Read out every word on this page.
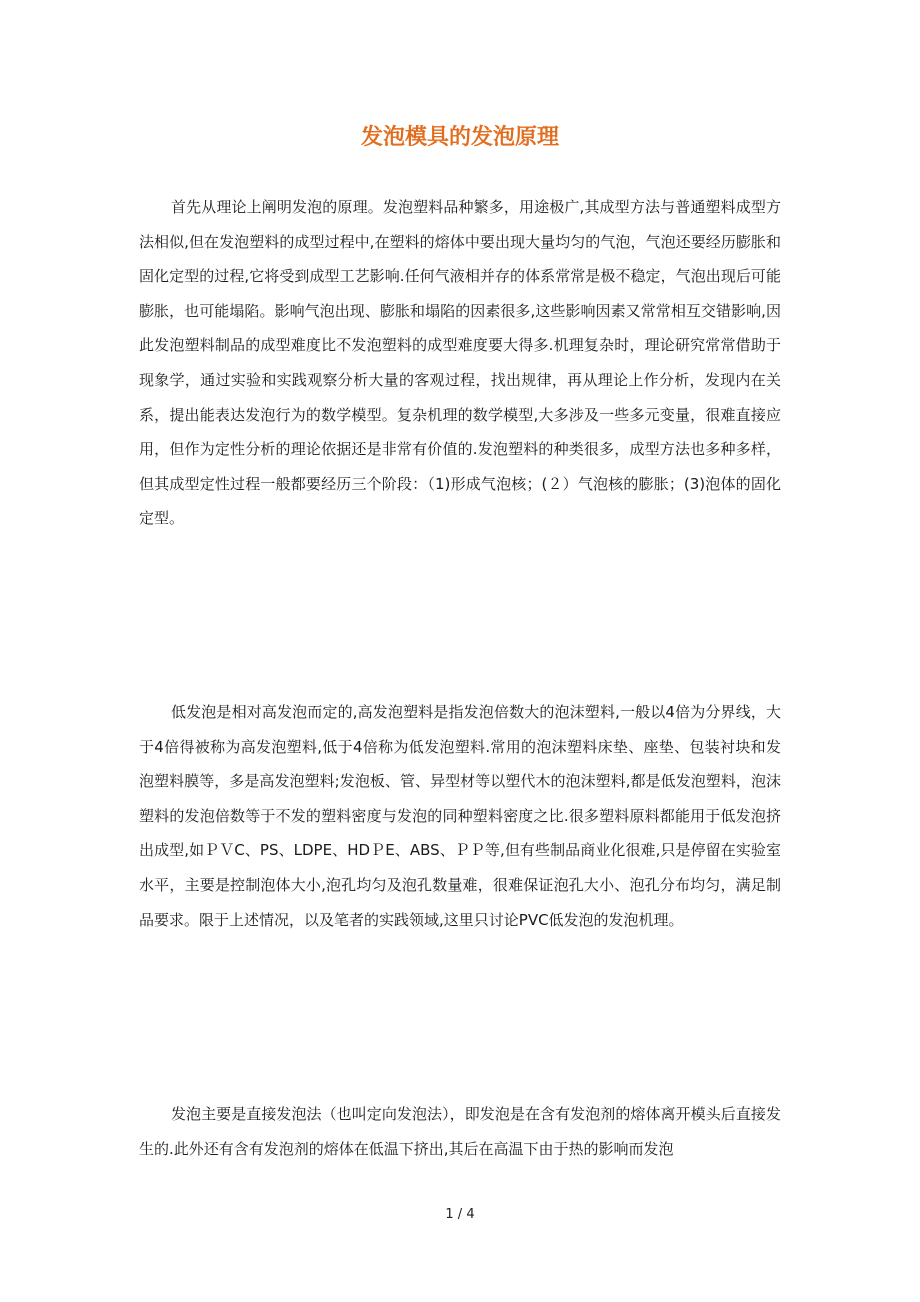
发泡模具的发泡原理

首先从理论上阐明发泡的原理。发泡塑料品种繁多，用途极广,其成型方法与普通塑料成型方法相似,但在发泡塑料的成型过程中,在塑料的熔体中要出现大量均匀的气泡，气泡还要经历膨胀和固化定型的过程,它将受到成型工艺影响.任何气液相并存的体系常常是极不稳定，气泡出现后可能膨胀，也可能塌陷。影响气泡出现、膨胀和塌陷的因素很多,这些影响因素又常常相互交错影响,因此发泡塑料制品的成型难度比不发泡塑料的成型难度要大得多.机理复杂时，理论研究常常借助于现象学，通过实验和实践观察分析大量的客观过程，找出规律，再从理论上作分析，发现内在关系，提出能表达发泡行为的数学模型。复杂机理的数学模型,大多涉及一些多元变量，很难直接应用，但作为定性分析的理论依据还是非常有价值的.发泡塑料的种类很多，成型方法也多种多样，但其成型定性过程一般都要经历三个阶段：（1)形成气泡核；(２）气泡核的膨胀；(3)泡体的固化定型。

低发泡是相对高发泡而定的,高发泡塑料是指发泡倍数大的泡沫塑料,一般以4倍为分界线，大于4倍得被称为高发泡塑料,低于4倍称为低发泡塑料.常用的泡沫塑料床垫、座垫、包装衬块和发泡塑料膜等，多是高发泡塑料;发泡板、管、异型材等以塑代木的泡沫塑料,都是低发泡塑料，泡沫塑料的发泡倍数等于不发的塑料密度与发泡的同种塑料密度之比.很多塑料原料都能用于低发泡挤出成型,如ＰＶC、PS、LDPE、HDＰE、ABS、ＰＰ等,但有些制品商业化很难,只是停留在实验室水平，主要是控制泡体大小,泡孔均匀及泡孔数量难，很难保证泡孔大小、泡孔分布均匀，满足制品要求。限于上述情况，以及笔者的实践领域,这里只讨论PVC低发泡的发泡机理。

发泡主要是直接发泡法（也叫定向发泡法），即发泡是在含有发泡剂的熔体离开模头后直接发生的.此外还有含有发泡剂的熔体在低温下挤出,其后在高温下由于热的影响而发泡

1 / 4
